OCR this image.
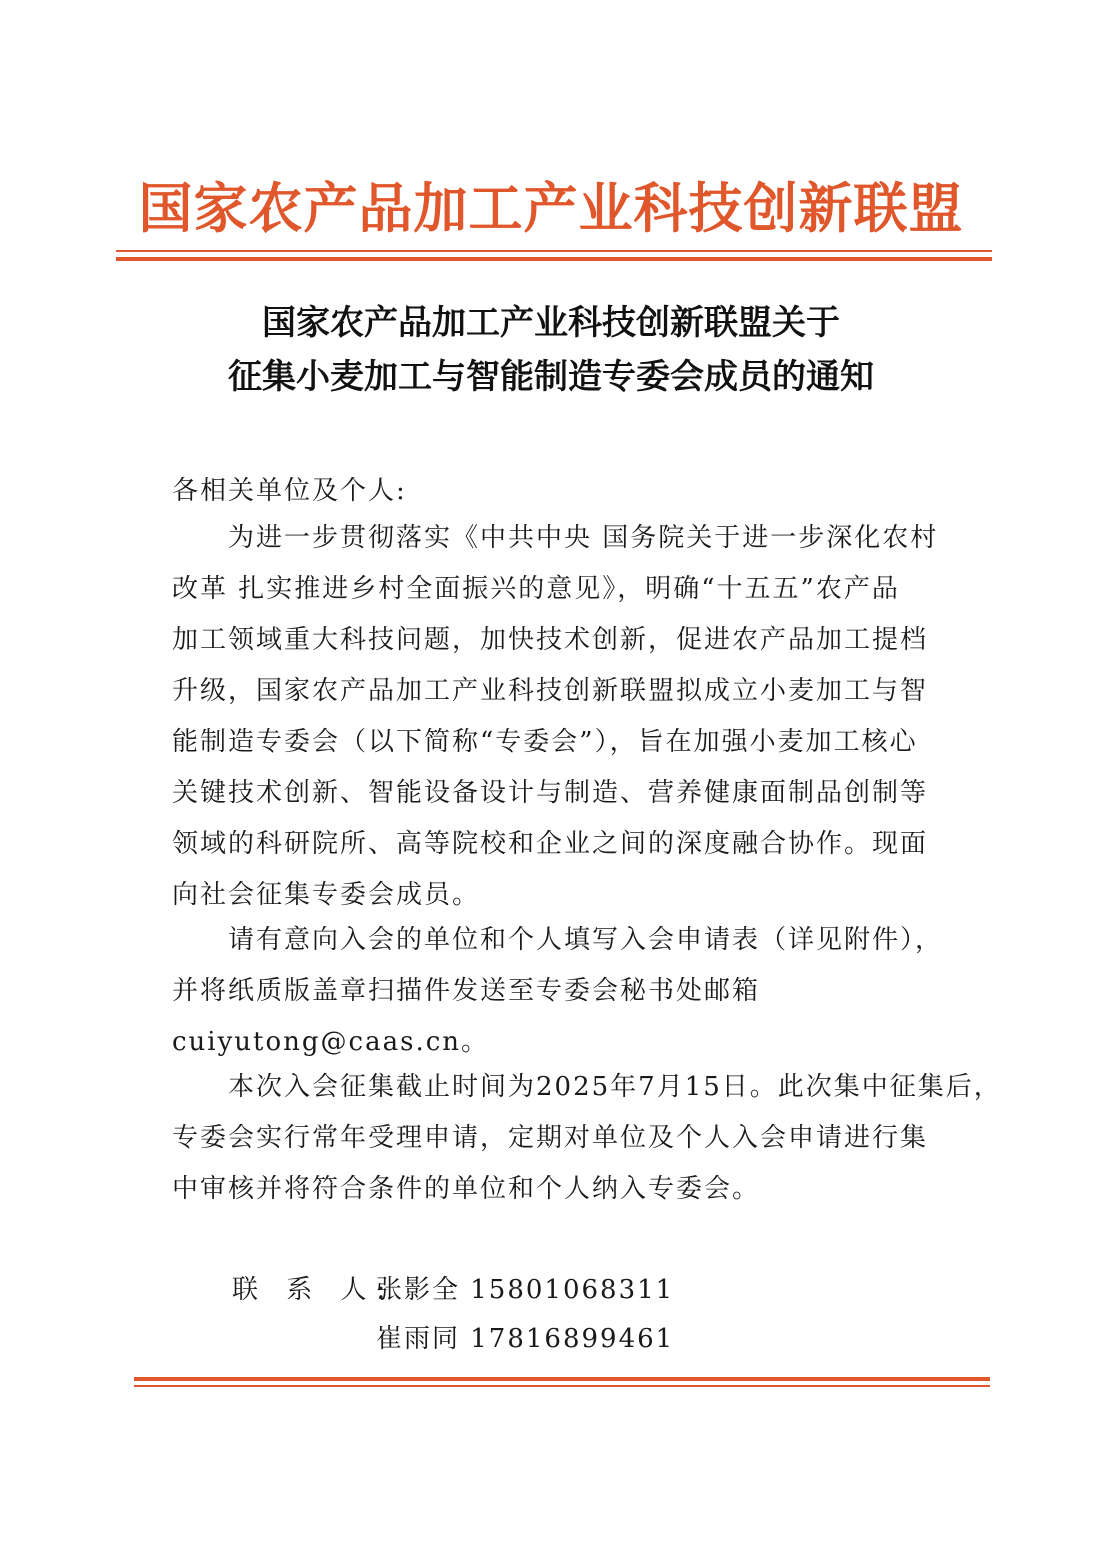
国家农产品加工产业科技创新联盟
国家农产品加工产业科技创新联盟关于
征集小麦加工与智能制造专委会成员的通知
各相关单位及个人:
　　为进一步贯彻落实《中共中央 国务院关于进一步深化农村
改革 扎实推进乡村全面振兴的意见》，明确“十五五”农产品
加工领域重大科技问题，加快技术创新，促进农产品加工提档
升级，国家农产品加工产业科技创新联盟拟成立小麦加工与智
能制造专委会（以下简称“专委会”），旨在加强小麦加工核心
关键技术创新、智能设备设计与制造、营养健康面制品创制等
领域的科研院所、高等院校和企业之间的深度融合协作。现面
向社会征集专委会成员。
　　请有意向入会的单位和个人填写入会申请表（详见附件），
并将纸质版盖章扫描件发送至专委会秘书处邮箱
cuiyutong@caas.cn。
　　本次入会征集截止时间为2025年7月15日。此次集中征集后，
专委会实行常年受理申请，定期对单位及个人入会申请进行集
中审核并将符合条件的单位和个人纳入专委会。
联 系 人:张影全 15801068311
崔雨同 17816899461
